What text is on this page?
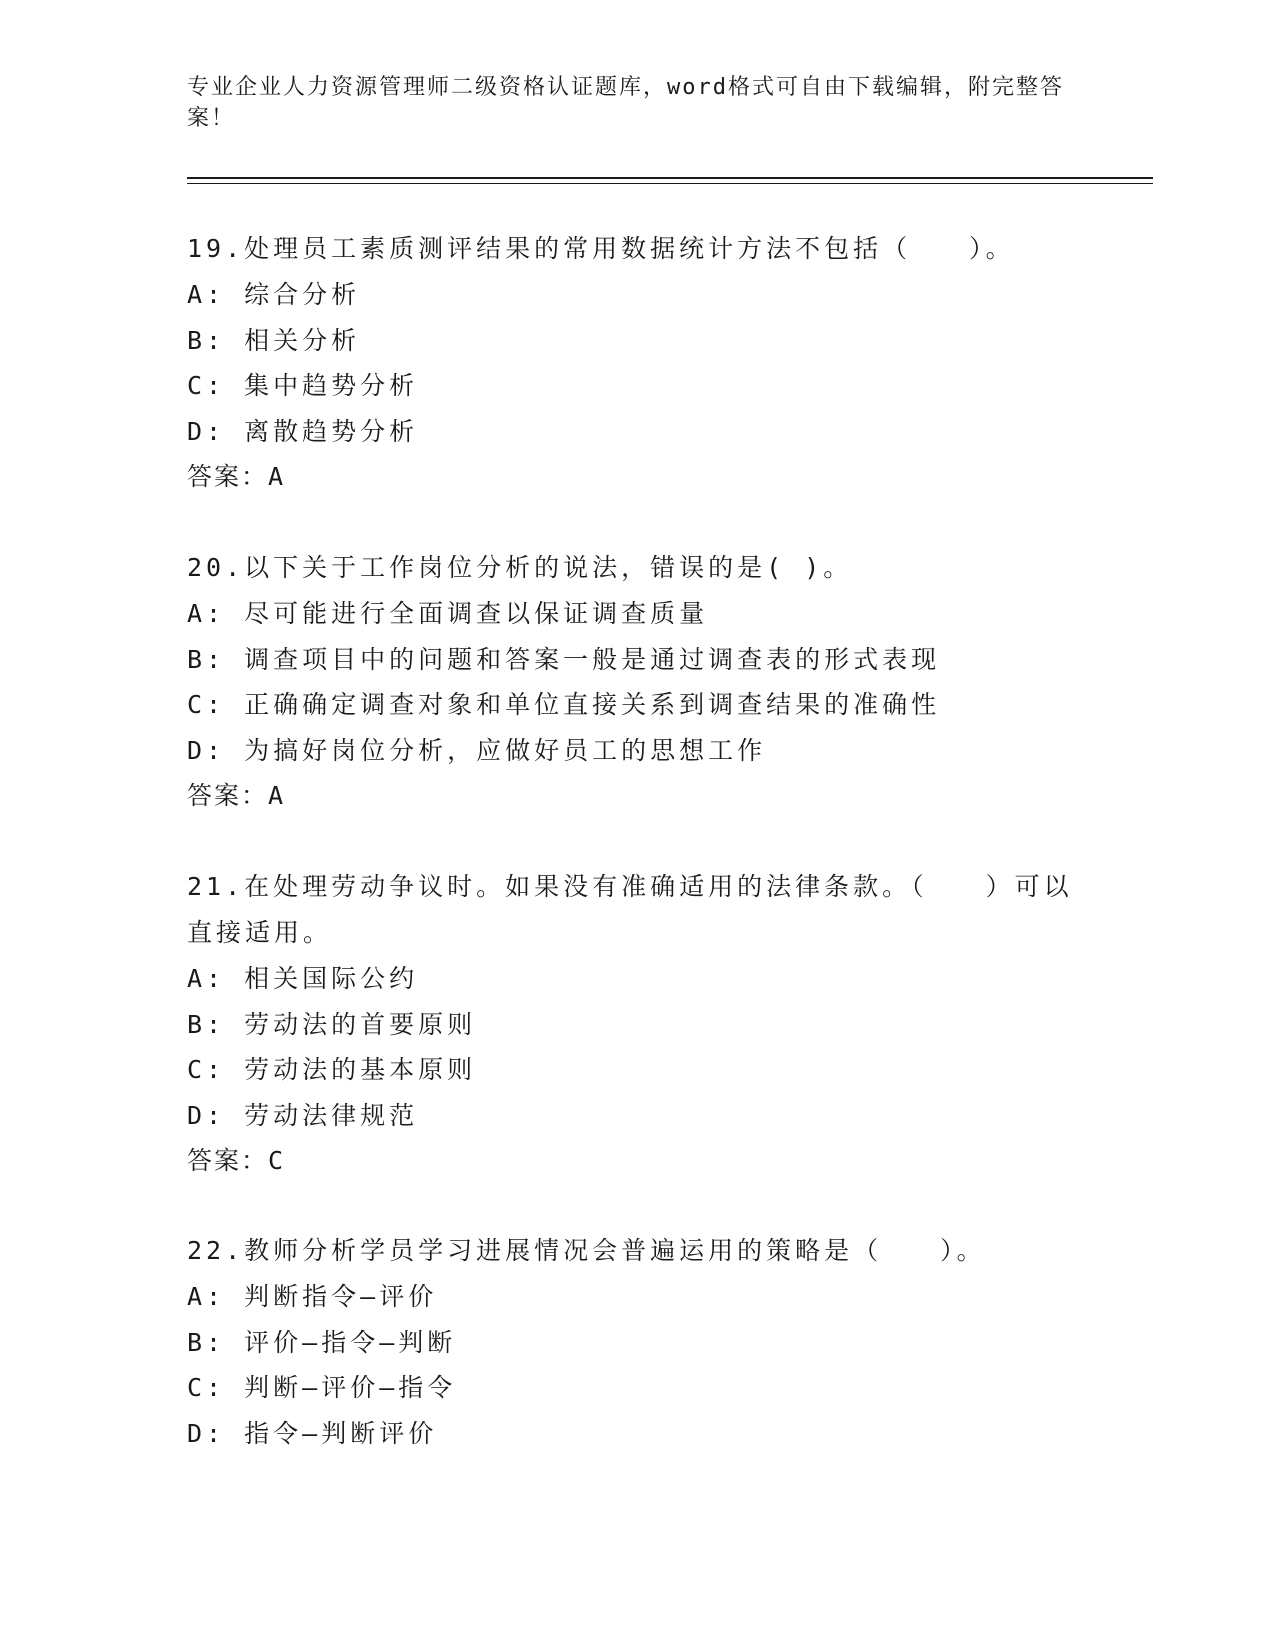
专业企业人力资源管理师二级资格认证题库，word格式可自由下载编辑，附完整答案！

19.处理员工素质测评结果的常用数据统计方法不包括（　　）。

A: 综合分析

B: 相关分析

C: 集中趋势分析

D: 离散趋势分析

答案：A

20.以下关于工作岗位分析的说法，错误的是( )。

A: 尽可能进行全面调查以保证调查质量

B: 调查项目中的问题和答案一般是通过调查表的形式表现

C: 正确确定调查对象和单位直接关系到调查结果的准确性

D: 为搞好岗位分析，应做好员工的思想工作

答案：A

21.在处理劳动争议时。如果没有准确适用的法律条款。（　　）可以直接适用。

A: 相关国际公约

B: 劳动法的首要原则

C: 劳动法的基本原则

D: 劳动法律规范

答案：C

22.教师分析学员学习进展情况会普遍运用的策略是（　　）。

A: 判断指令—评价

B: 评价—指令—判断

C: 判断—评价—指令

D: 指令—判断评价
